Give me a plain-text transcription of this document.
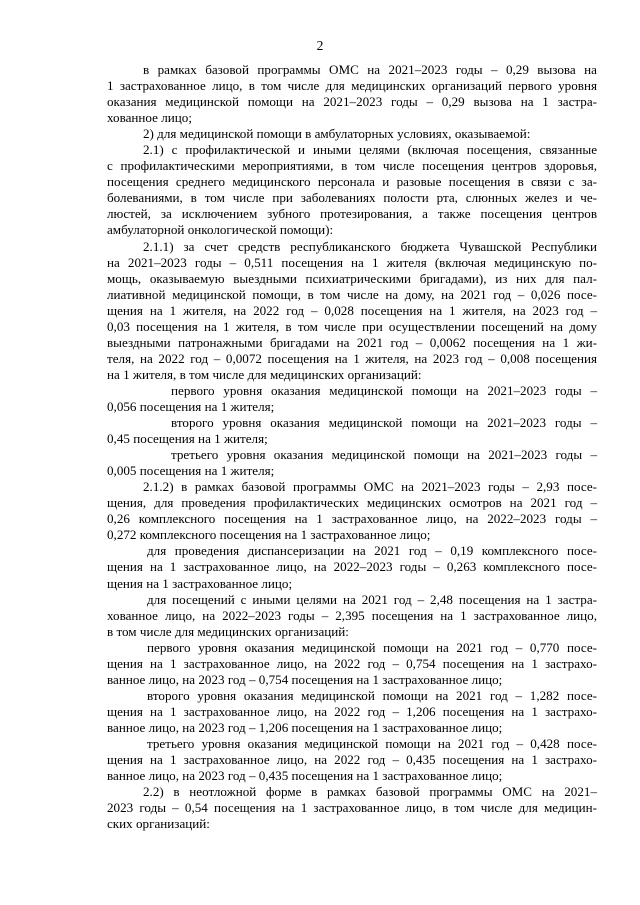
2
в рамках базовой программы ОМС на 2021–2023 годы – 0,29 вызова на
1 застрахованное лицо, в том числе для медицинских организаций первого уровня
оказания медицинской помощи на 2021–2023 годы – 0,29 вызова на 1 застра-
хованное лицо;
2) для медицинской помощи в амбулаторных условиях, оказываемой:
2.1) с профилактической и иными целями (включая посещения, связанные
с профилактическими мероприятиями, в том числе посещения центров здоровья,
посещения среднего медицинского персонала и разовые посещения в связи с за-
болеваниями, в том числе при заболеваниях полости рта, слюнных желез и че-
люстей, за исключением зубного протезирования, а также посещения центров
амбулаторной онкологической помощи):
2.1.1) за счет средств республиканского бюджета Чувашской Республики
на 2021–2023 годы – 0,511 посещения на 1 жителя (включая медицинскую по-
мощь, оказываемую выездными психиатрическими бригадами), из них для пал-
лиативной медицинской помощи, в том числе на дому, на 2021 год – 0,026 посе-
щения на 1 жителя, на 2022 год – 0,028 посещения на 1 жителя, на 2023 год –
0,03 посещения на 1 жителя, в том числе при осуществлении посещений на дому
выездными патронажными бригадами на 2021 год – 0,0062 посещения на 1 жи-
теля, на 2022 год – 0,0072 посещения на 1 жителя, на 2023 год – 0,008 посещения
на 1 жителя, в том числе для медицинских организаций:
первого уровня оказания медицинской помощи на 2021–2023 годы –
0,056 посещения на 1 жителя;
второго уровня оказания медицинской помощи на 2021–2023 годы –
0,45 посещения на 1 жителя;
третьего уровня оказания медицинской помощи на 2021–2023 годы –
0,005 посещения на 1 жителя;
2.1.2) в рамках базовой программы ОМС на 2021–2023 годы – 2,93 посе-
щения, для проведения профилактических медицинских осмотров на 2021 год –
0,26 комплексного посещения на 1 застрахованное лицо, на 2022–2023 годы –
0,272 комплексного посещения на 1 застрахованное лицо;
для проведения диспансеризации на 2021 год – 0,19 комплексного посе-
щения на 1 застрахованное лицо, на 2022–2023 годы – 0,263 комплексного посе-
щения на 1 застрахованное лицо;
для посещений с иными целями на 2021 год – 2,48 посещения на 1 застра-
хованное лицо, на 2022–2023 годы – 2,395 посещения на 1 застрахованное лицо,
в том числе для медицинских организаций:
первого уровня оказания медицинской помощи на 2021 год – 0,770 посе-
щения на 1 застрахованное лицо, на 2022 год – 0,754 посещения на 1 застрахо-
ванное лицо, на 2023 год – 0,754 посещения на 1 застрахованное лицо;
второго уровня оказания медицинской помощи на 2021 год – 1,282 посе-
щения на 1 застрахованное лицо, на 2022 год – 1,206 посещения на 1 застрахо-
ванное лицо, на 2023 год – 1,206 посещения на 1 застрахованное лицо;
третьего уровня оказания медицинской помощи на 2021 год – 0,428 посе-
щения на 1 застрахованное лицо, на 2022 год – 0,435 посещения на 1 застрахо-
ванное лицо, на 2023 год – 0,435 посещения на 1 застрахованное лицо;
2.2) в неотложной форме в рамках базовой программы ОМС на 2021–
2023 годы – 0,54 посещения на 1 застрахованное лицо, в том числе для медицин-
ских организаций:
